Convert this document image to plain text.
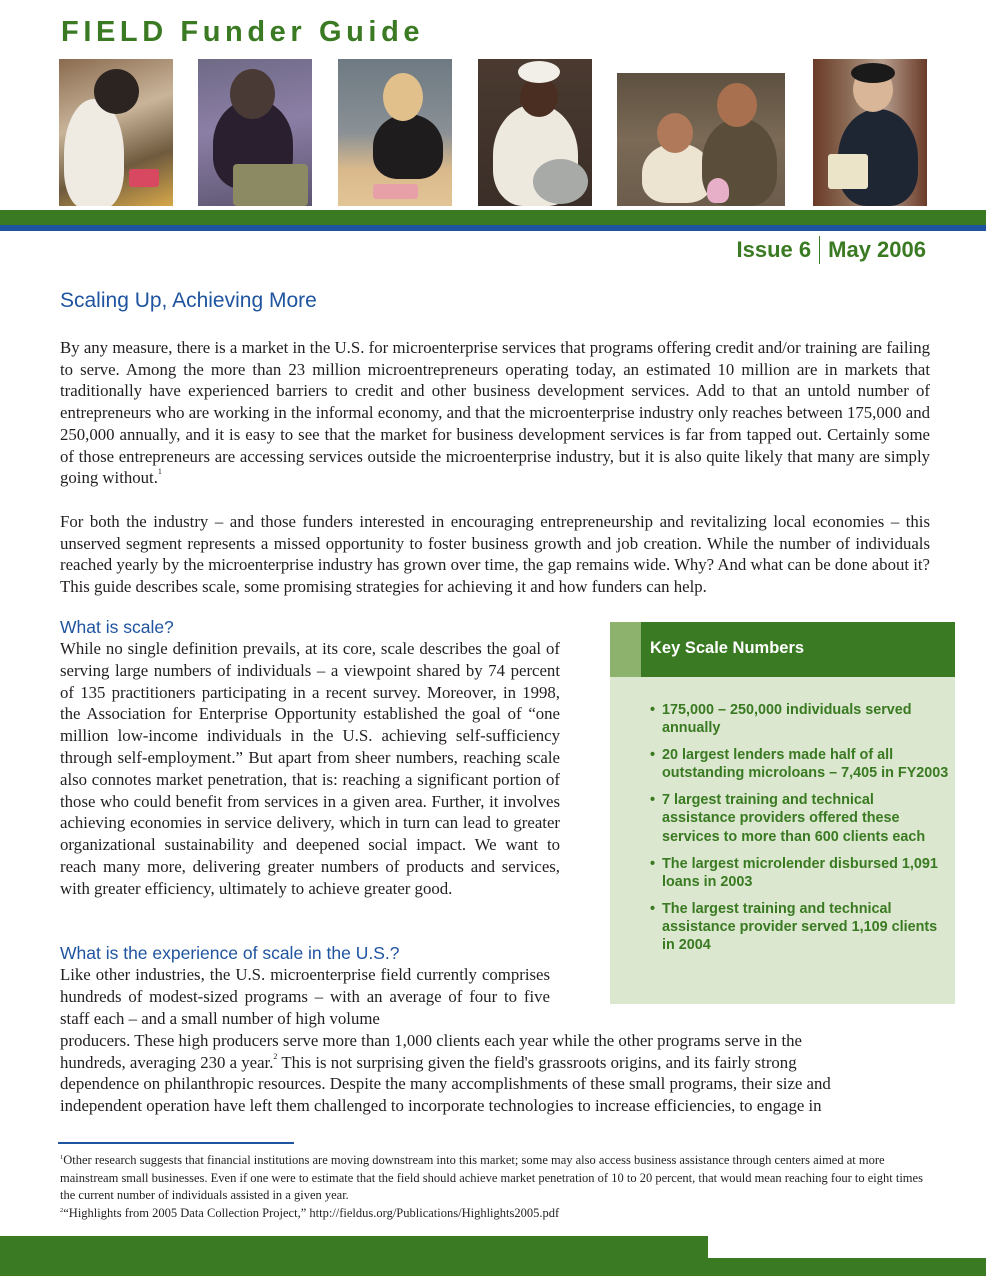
FIELD Funder Guide
Issue 6 May 2006
Scaling Up, Achieving More
By any measure, there is a market in the U.S. for microenterprise services that programs offering credit and/or training are failing to serve. Among the more than 23 million microentrepreneurs operating today, an estimated 10 million are in markets that traditionally have experienced barriers to credit and other business development services. Add to that an untold number of entrepreneurs who are working in the informal economy, and that the microenterprise industry only reaches between 175,000 and 250,000 annually, and it is easy to see that the market for business development services is far from tapped out. Certainly some of those entrepreneurs are accessing services outside the microenterprise industry, but it is also quite likely that many are simply going without.$^1$
For both the industry – and those funders interested in encouraging entrepreneurship and revitalizing local economies – this unserved segment represents a missed opportunity to foster business growth and job creation. While the number of individuals reached yearly by the microenterprise industry has grown over time, the gap remains wide. Why? And what can be done about it? This guide describes scale, some promising strategies for achieving it and how funders can help.
What is scale?

While no single definition prevails, at its core, scale describes the goal of serving large numbers of individuals – a viewpoint shared by 74 percent of 135 practitioners participating in a recent survey. Moreover, in 1998, the Association for Enterprise Opportunity established the goal of “one million low-income individuals in the U.S. achieving self-sufficiency through self-employment.” But apart from sheer numbers, reaching scale also connotes market penetration, that is: reaching a significant portion of those who could benefit from services in a given area. Further, it involves achieving economies in service delivery, which in turn can lead to greater organizational sustainability and deepened social impact. We want to reach many more, delivering greater numbers of products and services, with greater efficiency, ultimately to achieve greater good.

What is the experience of scale in the U.S.?

Like other industries, the U.S. microenterprise field currently comprises hundreds of modest-sized programs – with an average of four to five staff each – and a small number of high volume

producers. These high producers serve more than 1,000 clients each year while the other programs serve in the
hundreds, averaging 230 a year.$^2$ This is not surprising given the field's grassroots origins, and its fairly strong
dependence on philanthropic resources. Despite the many accomplishments of these small programs, their size and
independent operation have left them challenged to incorporate technologies to increase efficiencies, to engage in
Key Scale Numbers
• 175,000 – 250,000 individuals served annually
• 20 largest lenders made half of all outstanding microloans – 7,405 in FY2003
• 7 largest training and technical assistance providers offered these services to more than 600 clients each
• The largest microlender disbursed 1,091 loans in 2003
• The largest training and technical assistance provider served 1,109 clients in 2004
$^1$Other research suggests that financial institutions are moving downstream into this market; some may also access business assistance through centers aimed at more mainstream small businesses. Even if one were to estimate that the field should achieve market penetration of 10 to 20 percent, that would mean reaching four to eight times the current number of individuals assisted in a given year.
$^2$“Highlights from 2005 Data Collection Project,” http://fieldus.org/Publications/Highlights2005.pdf
